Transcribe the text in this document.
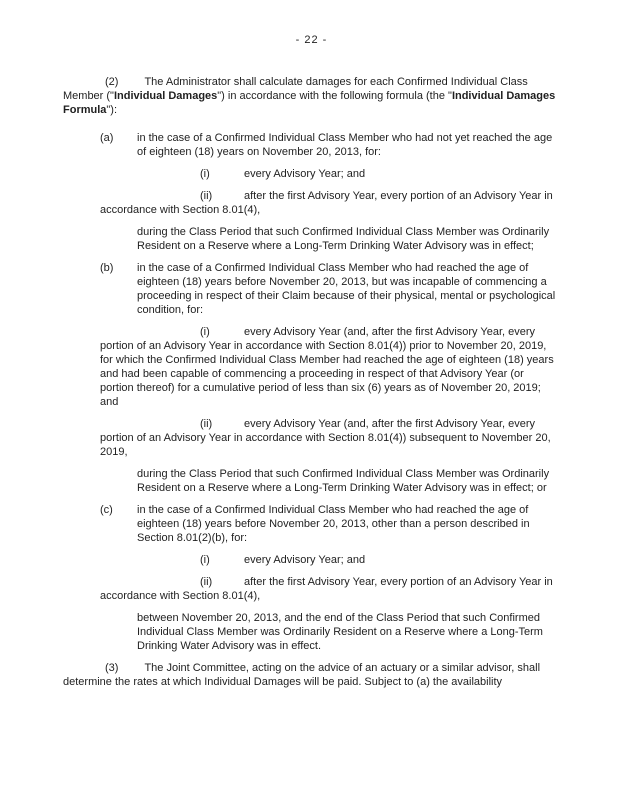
- 22 -

(2) The Administrator shall calculate damages for each Confirmed Individual Class Member ("Individual Damages") in accordance with the following formula (the "Individual Damages Formula"):

(a) in the case of a Confirmed Individual Class Member who had not yet reached the age of eighteen (18) years on November 20, 2013, for:

(i)	every Advisory Year; and

(ii)	after the first Advisory Year, every portion of an Advisory Year in accordance with Section 8.01(4),

during the Class Period that such Confirmed Individual Class Member was Ordinarily Resident on a Reserve where a Long-Term Drinking Water Advisory was in effect;

(b) in the case of a Confirmed Individual Class Member who had reached the age of eighteen (18) years before November 20, 2013, but was incapable of commencing a proceeding in respect of their Claim because of their physical, mental or psychological condition, for:

(i)	every Advisory Year (and, after the first Advisory Year, every portion of an Advisory Year in accordance with Section 8.01(4)) prior to November 20, 2019, for which the Confirmed Individual Class Member had reached the age of eighteen (18) years and had been capable of commencing a proceeding in respect of that Advisory Year (or portion thereof) for a cumulative period of less than six (6) years as of November 20, 2019; and

(ii)	every Advisory Year (and, after the first Advisory Year, every portion of an Advisory Year in accordance with Section 8.01(4)) subsequent to November 20, 2019,

during the Class Period that such Confirmed Individual Class Member was Ordinarily Resident on a Reserve where a Long-Term Drinking Water Advisory was in effect; or

(c) in the case of a Confirmed Individual Class Member who had reached the age of eighteen (18) years before November 20, 2013, other than a person described in Section 8.01(2)(b), for:

(i)	every Advisory Year; and

(ii)	after the first Advisory Year, every portion of an Advisory Year in accordance with Section 8.01(4),

between November 20, 2013, and the end of the Class Period that such Confirmed Individual Class Member was Ordinarily Resident on a Reserve where a Long-Term Drinking Water Advisory was in effect.

(3) The Joint Committee, acting on the advice of an actuary or a similar advisor, shall determine the rates at which Individual Damages will be paid. Subject to (a) the availability
